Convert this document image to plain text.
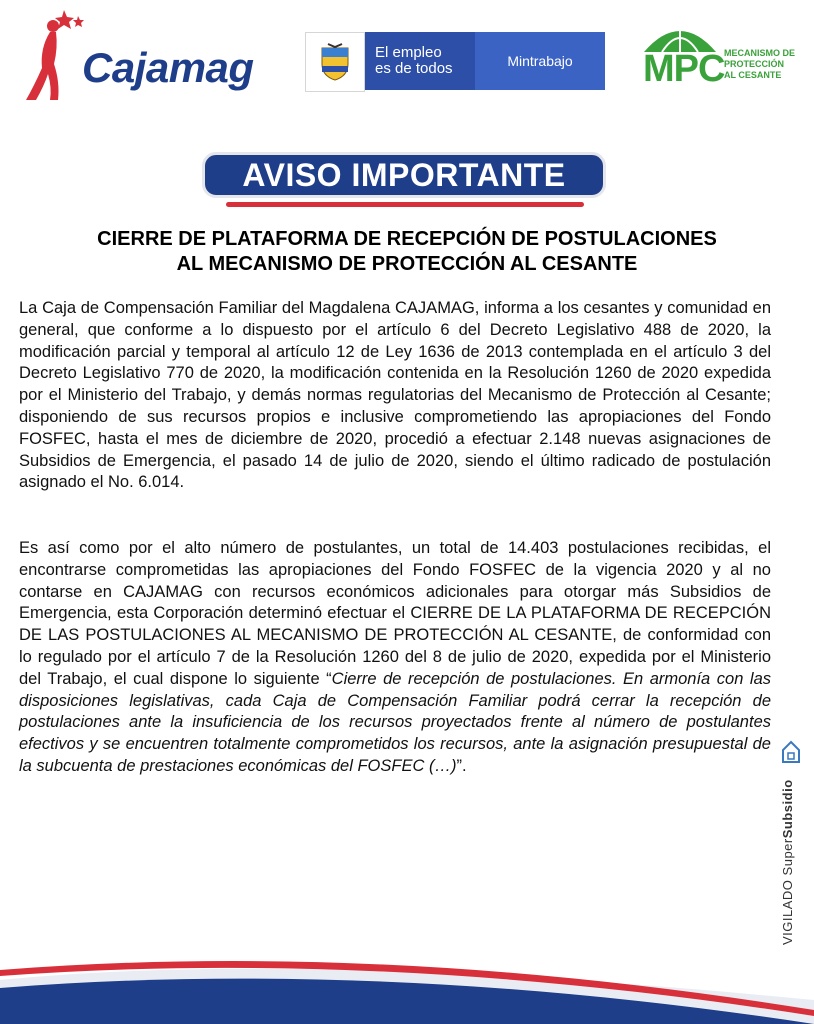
Cajamag	El empleo
es de todos	Mintrabajo	MPC MECANISMO DE
PROTECCIÓN
AL CESANTE
AVISO IMPORTANTE
CIERRE DE PLATAFORMA DE RECEPCIÓN DE POSTULACIONES
AL MECANISMO DE PROTECCIÓN AL CESANTE
La Caja de Compensación Familiar del Magdalena CAJAMAG, informa a los cesantes y comunidad en general, que conforme a lo dispuesto por el artículo 6 del Decreto Legislativo 488 de 2020, la modificación parcial y temporal al artículo 12 de Ley 1636 de 2013 contemplada en el artículo 3 del Decreto Legislativo 770 de 2020, la modificación contenida en la Resolución 1260 de 2020 expedida por el Ministerio del Trabajo, y demás normas regulatorias del Mecanismo de Protección al Cesante; disponiendo de sus recursos propios e inclusive comprometiendo las apropiaciones del Fondo FOSFEC, hasta el mes de diciembre de 2020, procedió a efectuar 2.148 nuevas asignaciones de Subsidios de Emergencia, el pasado 14 de julio de 2020, siendo el último radicado de postulación asignado el No. 6.014.
Es así como por el alto número de postulantes, un total de 14.403 postulaciones recibidas, el encontrarse comprometidas las apropiaciones del Fondo FOSFEC de la vigencia 2020 y al no contarse en CAJAMAG con recursos económicos adicionales para otorgar más Subsidios de Emergencia, esta Corporación determinó efectuar el CIERRE DE LA PLATAFORMA DE RECEPCIÓN DE LAS POSTULACIONES AL MECANISMO DE PROTECCIÓN AL CESANTE, de conformidad con lo regulado por el artículo 7 de la Resolución 1260 del 8 de julio de 2020, expedida por el Ministerio del Trabajo, el cual dispone lo siguiente “Cierre de recepción de postulaciones. En armonía con las disposiciones legislativas, cada Caja de Compensación Familiar podrá cerrar la recepción de postulaciones ante la insuficiencia de los recursos proyectados frente al número de postulantes efectivos y se encuentren totalmente comprometidos los recursos, ante la asignación presupuestal de la subcuenta de prestaciones económicas del FOSFEC (…)”.
VIGILADO SuperSubsidio
